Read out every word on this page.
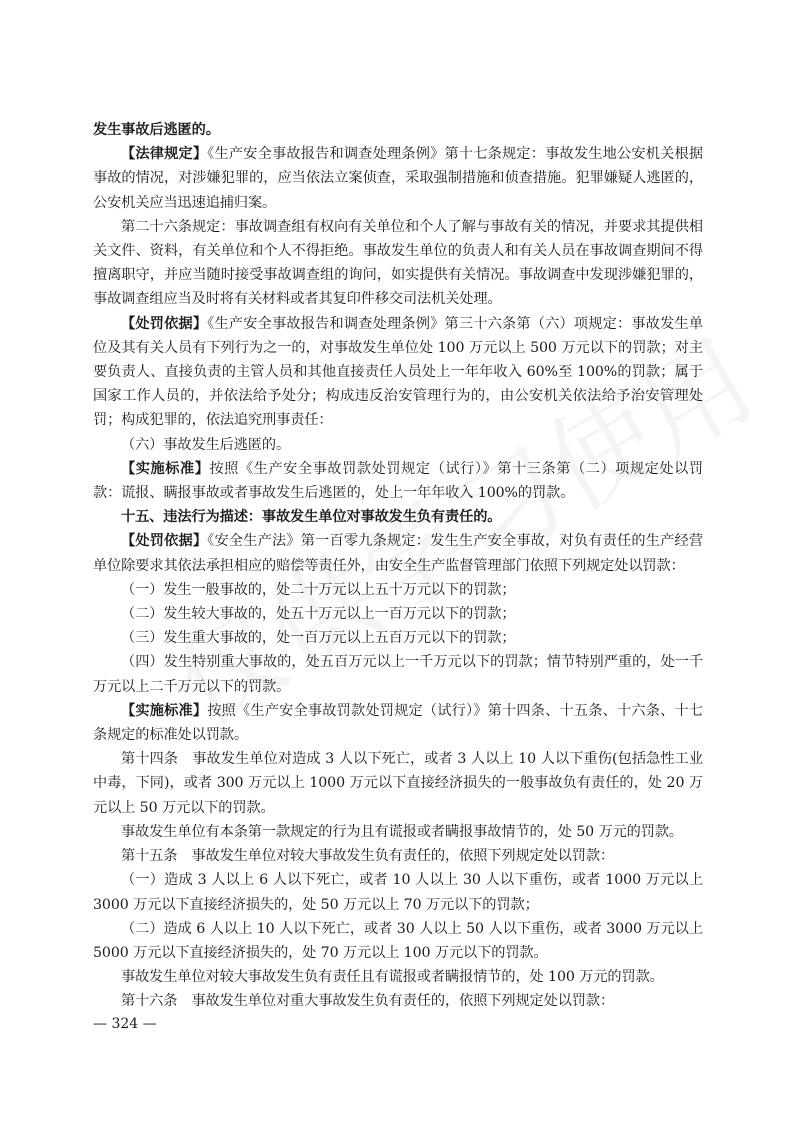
发生事故后逃匿的。

【法律规定】《生产安全事故报告和调查处理条例》第十七条规定：事故发生地公安机关根据事故的情况，对涉嫌犯罪的，应当依法立案侦查，采取强制措施和侦查措施。犯罪嫌疑人逃匿的，公安机关应当迅速追捕归案。

第二十六条规定：事故调查组有权向有关单位和个人了解与事故有关的情况，并要求其提供相关文件、资料，有关单位和个人不得拒绝。事故发生单位的负责人和有关人员在事故调查期间不得擅离职守，并应当随时接受事故调查组的询问，如实提供有关情况。事故调查中发现涉嫌犯罪的，事故调查组应当及时将有关材料或者其复印件移交司法机关处理。

【处罚依据】《生产安全事故报告和调查处理条例》第三十六条第（六）项规定：事故发生单位及其有关人员有下列行为之一的，对事故发生单位处 100 万元以上 500 万元以下的罚款；对主要负责人、直接负责的主管人员和其他直接责任人员处上一年年收入 60%至 100%的罚款；属于国家工作人员的，并依法给予处分；构成违反治安管理行为的，由公安机关依法给予治安管理处罚；构成犯罪的，依法追究刑事责任：

（六）事故发生后逃匿的。

【实施标准】按照《生产安全事故罚款处罚规定（试行）》第十三条第（二）项规定处以罚款：谎报、瞒报事故或者事故发生后逃匿的，处上一年年收入 100%的罚款。

十五、违法行为描述：事故发生单位对事故发生负有责任的。

【处罚依据】《安全生产法》第一百零九条规定：发生生产安全事故，对负有责任的生产经营单位除要求其依法承担相应的赔偿等责任外，由安全生产监督管理部门依照下列规定处以罚款：

（一）发生一般事故的，处二十万元以上五十万元以下的罚款；

（二）发生较大事故的，处五十万元以上一百万元以下的罚款；

（三）发生重大事故的，处一百万元以上五百万元以下的罚款；

（四）发生特别重大事故的，处五百万元以上一千万元以下的罚款；情节特别严重的，处一千万元以上二千万元以下的罚款。

【实施标准】按照《生产安全事故罚款处罚规定（试行）》第十四条、十五条、十六条、十七条规定的标准处以罚款。

第十四条　事故发生单位对造成 3 人以下死亡，或者 3 人以上 10 人以下重伤(包括急性工业中毒，下同)，或者 300 万元以上 1000 万元以下直接经济损失的一般事故负有责任的，处 20 万元以上 50 万元以下的罚款。

事故发生单位有本条第一款规定的行为且有谎报或者瞒报事故情节的，处 50 万元的罚款。

第十五条　事故发生单位对较大事故发生负有责任的，依照下列规定处以罚款：

（一）造成 3 人以上 6 人以下死亡，或者 10 人以上 30 人以下重伤，或者 1000 万元以上 3000 万元以下直接经济损失的，处 50 万元以上 70 万元以下的罚款；

（二）造成 6 人以上 10 人以下死亡，或者 30 人以上 50 人以下重伤，或者 3000 万元以上 5000 万元以下直接经济损失的，处 70 万元以上 100 万元以下的罚款。

事故发生单位对较大事故发生负有责任且有谎报或者瞒报情节的，处 100 万元的罚款。

第十六条　事故发生单位对重大事故发生负有责任的，依照下列规定处以罚款：

— 324 —
